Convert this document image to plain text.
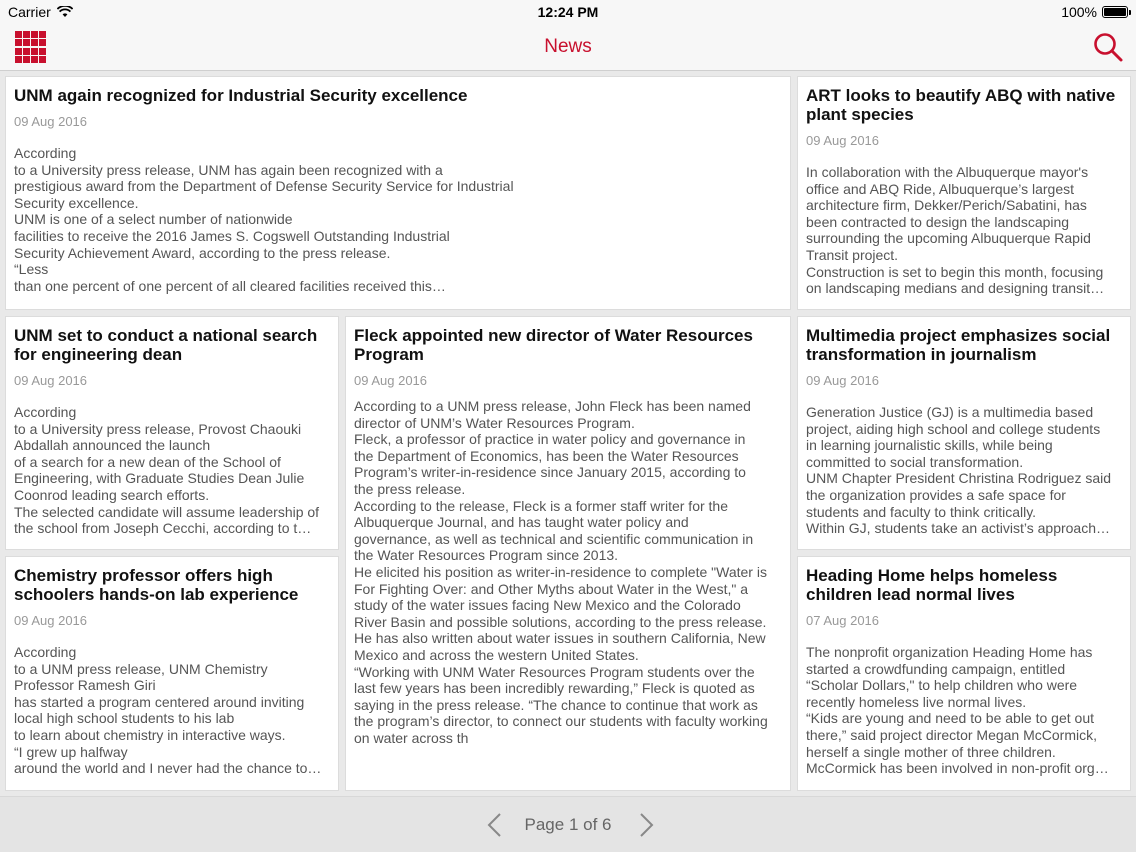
Carrier	12:24 PM	100%
News
UNM again recognized for Industrial Security excellence
09 Aug 2016
According
to a University press release, UNM has again been recognized with a
prestigious award from the Department of Defense Security Service for Industrial
Security excellence.
UNM is one of a select number of nationwide
facilities to receive the 2016 James S. Cogswell Outstanding Industrial
Security Achievement Award, according to the press release.
“Less
than one percent of one percent of all cleared facilities received this…
ART looks to beautify ABQ with native plant species
09 Aug 2016
In collaboration with the Albuquerque mayor's
office and ABQ Ride, Albuquerque’s largest
architecture firm, Dekker/Perich/Sabatini, has
been contracted to design the landscaping
surrounding the upcoming Albuquerque Rapid
Transit project.
Construction is set to begin this month, focusing
on landscaping medians and designing transit…
UNM set to conduct a national search for engineering dean
09 Aug 2016
According
to a University press release, Provost Chaouki
Abdallah announced the launch
of a search for a new dean of the School of
Engineering, with Graduate Studies Dean Julie
Coonrod leading search efforts.
The selected candidate will assume leadership of
the school from Joseph Cecchi, according to t…
Fleck appointed new director of Water Resources Program
09 Aug 2016
According to a UNM press release, John Fleck has been named
director of UNM’s Water Resources Program.
Fleck, a professor of practice in water policy and governance in
the Department of Economics, has been the Water Resources
Program’s writer-in-residence since January 2015, according to
the press release.
According to the release, Fleck is a former staff writer for the
Albuquerque Journal, and has taught water policy and
governance, as well as technical and scientific communication in
the Water Resources Program since 2013.
He elicited his position as writer-in-residence to complete "Water is
For Fighting Over: and Other Myths about Water in the West," a
study of the water issues facing New Mexico and the Colorado
River Basin and possible solutions, according to the press release.
He has also written about water issues in southern California, New
Mexico and across the western United States.
“Working with UNM Water Resources Program students over the
last few years has been incredibly rewarding,” Fleck is quoted as
saying in the press release. “The chance to continue that work as
the program’s director, to connect our students with faculty working
on water across th
Multimedia project emphasizes social transformation in journalism
09 Aug 2016
Generation Justice (GJ) is a multimedia based
project, aiding high school and college students
in learning journalistic skills, while being
committed to social transformation.
UNM Chapter President Christina Rodriguez said
the organization provides a safe space for
students and faculty to think critically.
Within GJ, students take an activist’s approach…
Chemistry professor offers high schoolers hands-on lab experience
09 Aug 2016
According
to a UNM press release, UNM Chemistry
Professor Ramesh Giri
has started a program centered around inviting
local high school students to his lab
to learn about chemistry in interactive ways.
“I grew up halfway
around the world and I never had the chance to…
Heading Home helps homeless children lead normal lives
07 Aug 2016
The nonprofit organization Heading Home has
started a crowdfunding campaign, entitled
“Scholar Dollars," to help children who were
recently homeless live normal lives.
“Kids are young and need to be able to get out
there,” said project director Megan McCormick,
herself a single mother of three children.
McCormick has been involved in non-profit org…
Page 1 of 6
